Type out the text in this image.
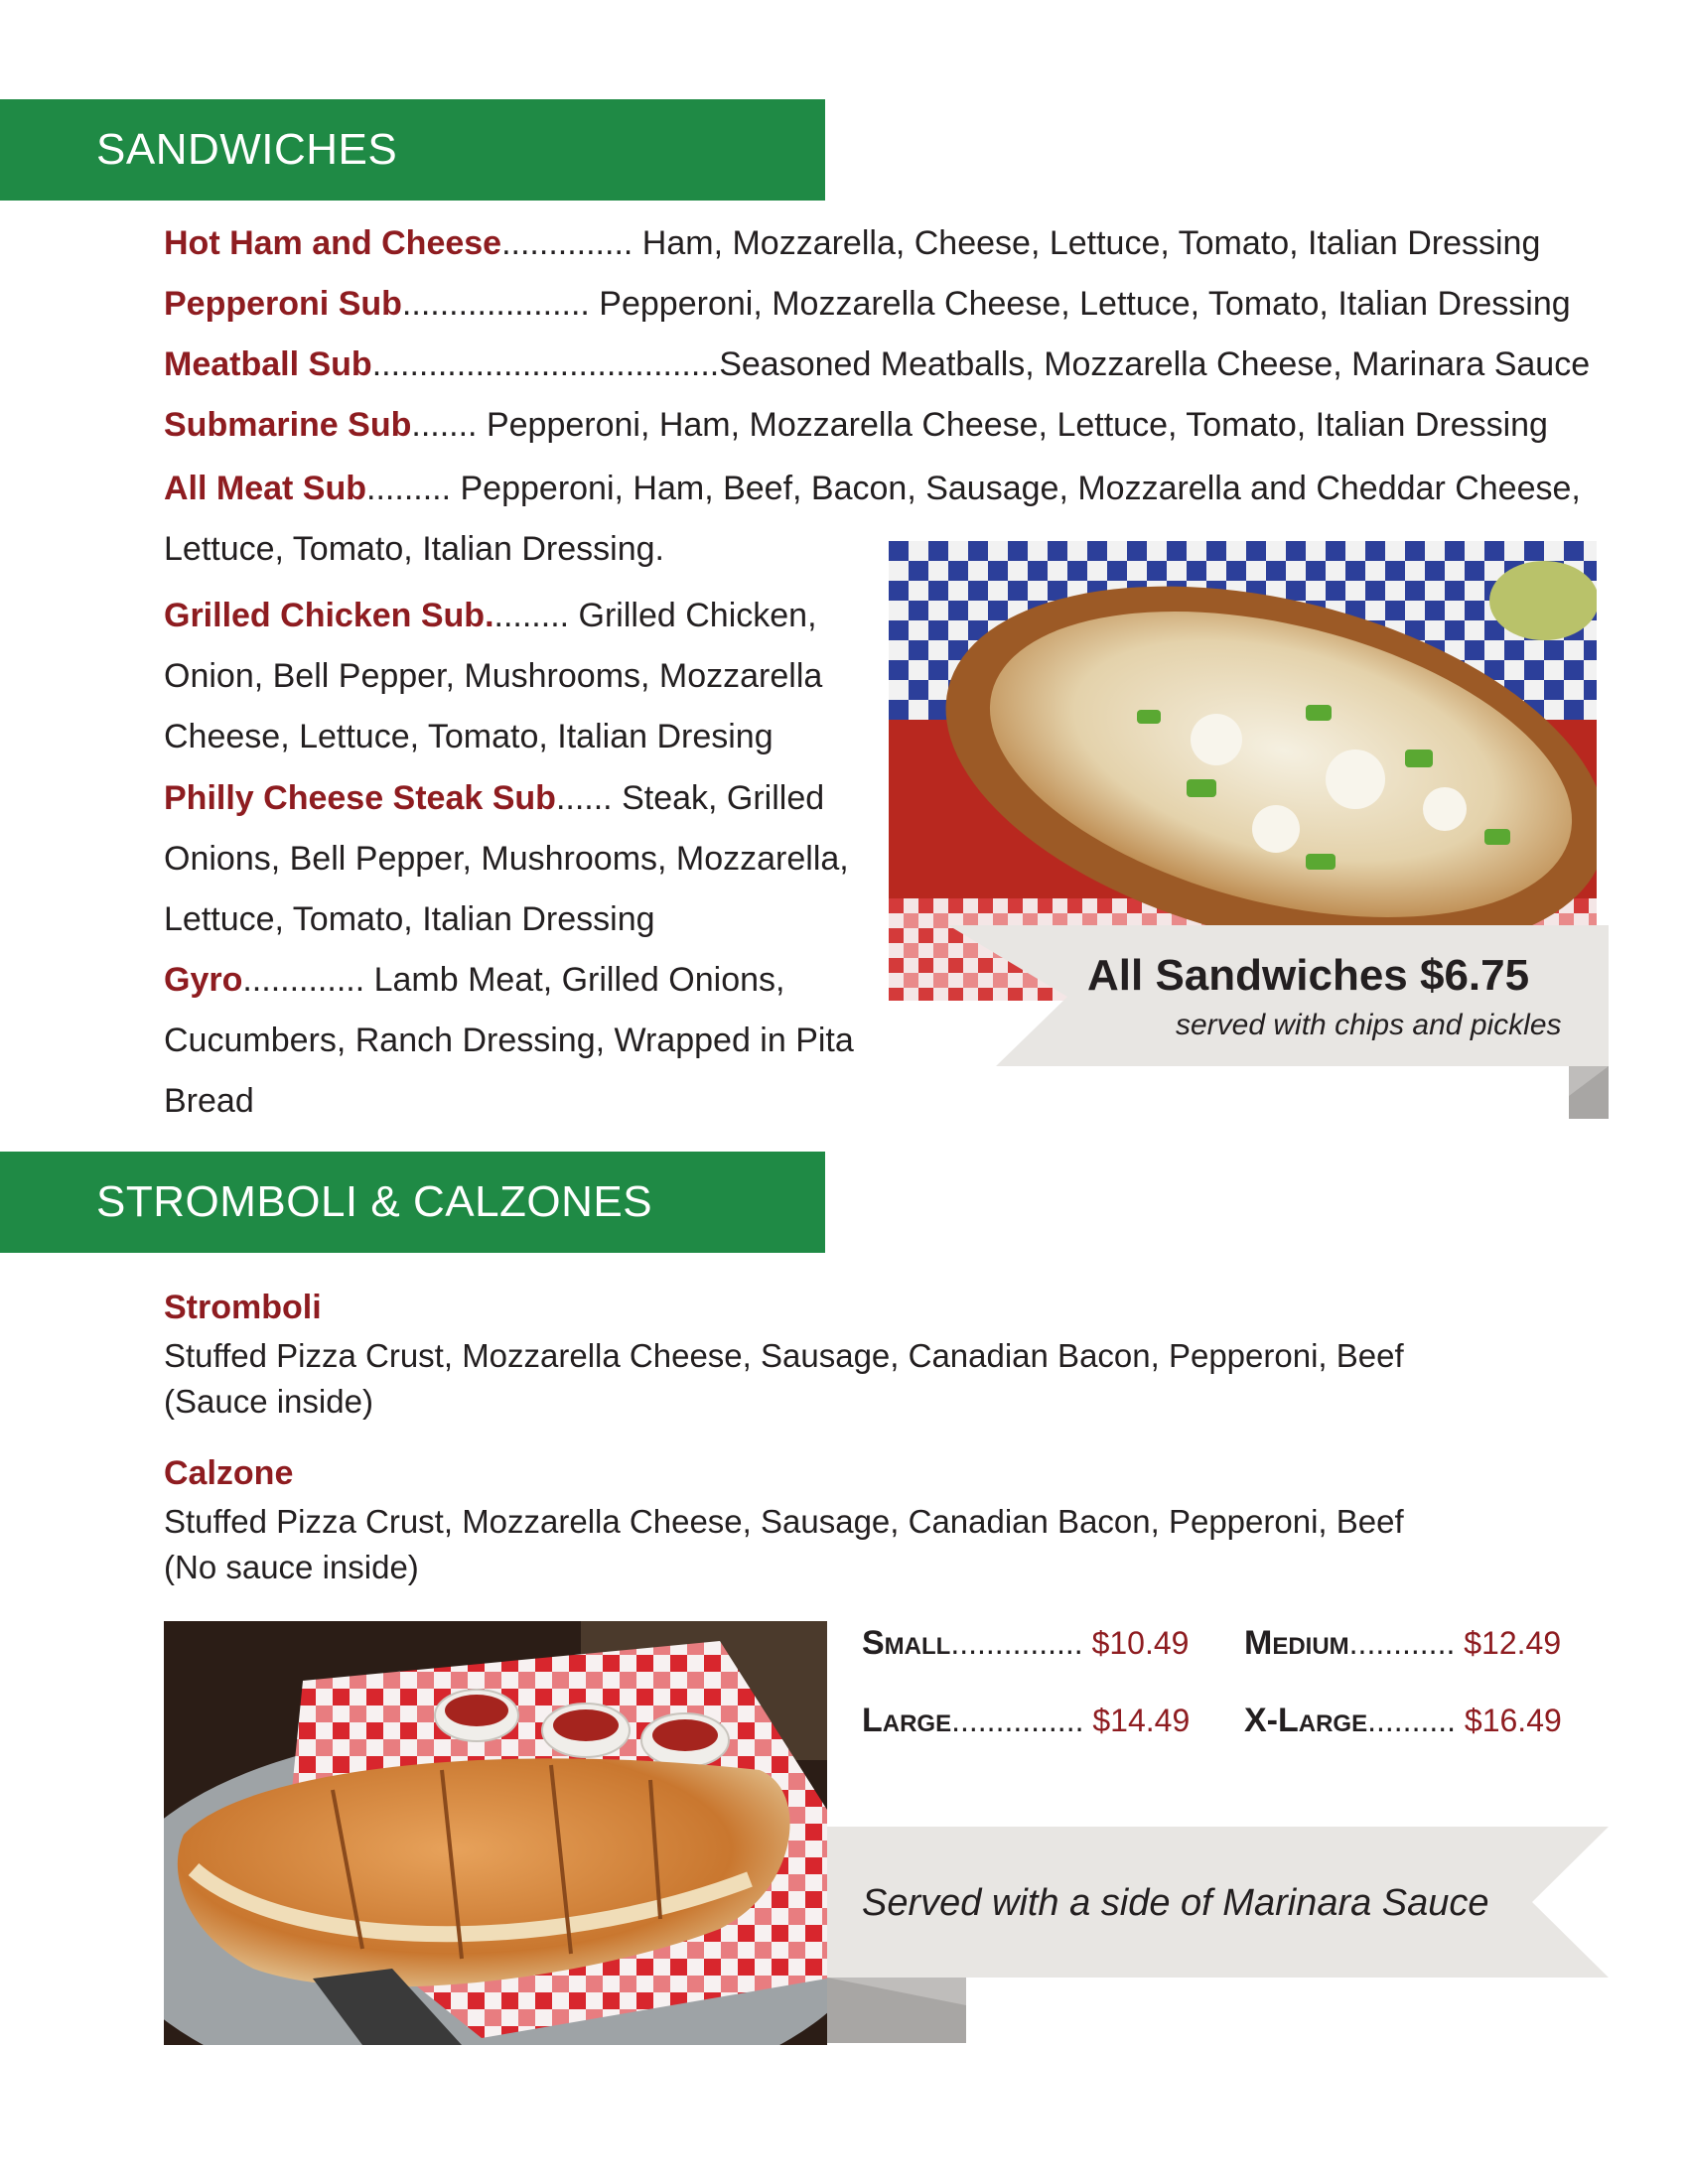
SANDWICHES
Hot Ham and Cheese.............. Ham, Mozzarella, Cheese, Lettuce, Tomato, Italian Dressing
Pepperoni Sub.................... Pepperoni, Mozzarella Cheese, Lettuce, Tomato, Italian Dressing
Meatball Sub.....................................Seasoned Meatballs, Mozzarella Cheese, Marinara Sauce
Submarine Sub....... Pepperoni, Ham, Mozzarella Cheese, Lettuce, Tomato, Italian Dressing
All Meat Sub......... Pepperoni, Ham, Beef, Bacon, Sausage, Mozzarella and Cheddar Cheese, Lettuce, Tomato, Italian Dressing.
Grilled Chicken Sub......... Grilled Chicken, Onion, Bell Pepper, Mushrooms, Mozzarella Cheese, Lettuce, Tomato, Italian Dresing
Philly Cheese Steak Sub...... Steak, Grilled Onions, Bell Pepper, Mushrooms, Mozzarella, Lettuce, Tomato, Italian Dressing
Gyro............. Lamb Meat, Grilled Onions, Cucumbers, Ranch Dressing, Wrapped in Pita Bread
All Sandwiches $6.75
served with chips and pickles
STROMBOLI & CALZONES
Stromboli
Stuffed Pizza Crust, Mozzarella Cheese, Sausage, Canadian Bacon, Pepperoni, Beef
(Sauce inside)
Calzone
Stuffed Pizza Crust, Mozzarella Cheese, Sausage, Canadian Bacon, Pepperoni, Beef
(No sauce inside)
Small............... $10.49 Medium............ $12.49
Large............... $14.49 X-Large.......... $16.49
Served with a side of Marinara Sauce
